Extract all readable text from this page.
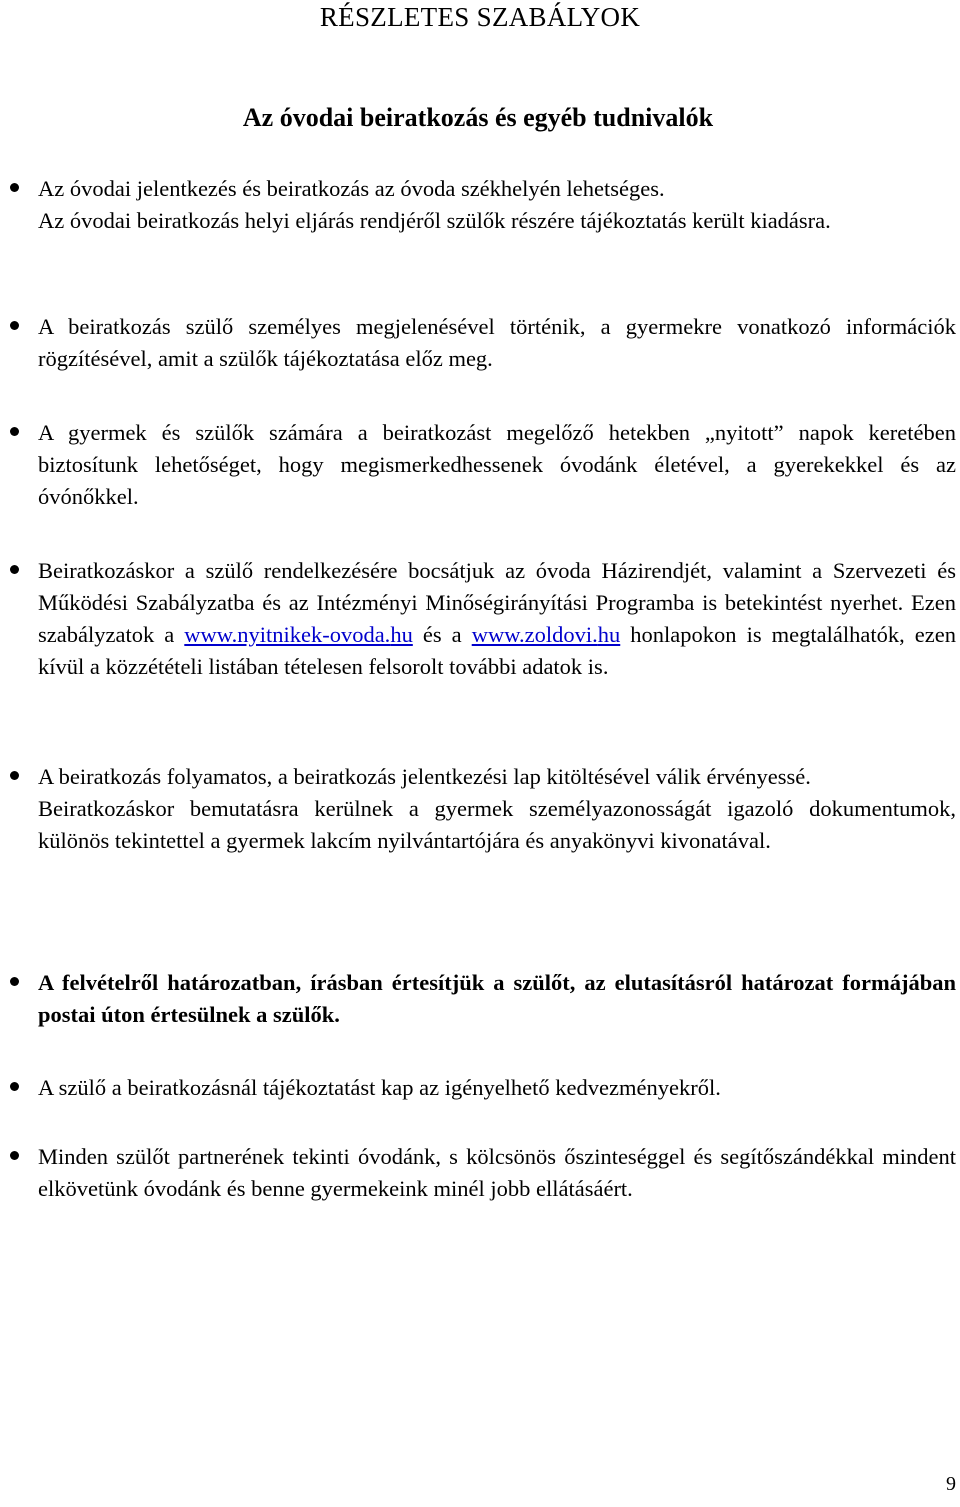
RÉSZLETES SZABÁLYOK
Az óvodai beiratkozás és egyéb tudnivalók

Az óvodai jelentkezés és beiratkozás az óvoda székhelyén lehetséges.

Az óvodai beiratkozás helyi eljárás rendjéről szülők részére tájékoztatás került kiadásra.

A beiratkozás szülő személyes megjelenésével történik, a gyermekre vonatkozó információk rögzítésével, amit a szülők tájékoztatása előz meg.

A gyermek és szülők számára a beiratkozást megelőző hetekben „nyitott” napok keretében biztosítunk lehetőséget, hogy megismerkedhessenek óvodánk életével, a gyerekekkel és az óvónőkkel.

Beiratkozáskor a szülő rendelkezésére bocsátjuk az óvoda Házirendjét, valamint a Szervezeti és Működési Szabályzatba és az Intézményi Minőségirányítási Programba is betekintést nyerhet. Ezen szabályzatok a www.nyitnikek-ovoda.hu és a www.zoldovi.hu honlapokon is megtalálhatók, ezen kívül a közzétételi listában tételesen felsorolt további adatok is.

A beiratkozás folyamatos, a beiratkozás jelentkezési lap kitöltésével válik érvényessé.

Beiratkozáskor bemutatásra kerülnek a gyermek személyazonosságát igazoló dokumentumok, különös tekintettel a gyermek lakcím nyilvántartójára és anyakönyvi kivonatával.

A felvételről határozatban, írásban értesítjük a szülőt, az elutasításról határozat formájában postai úton értesülnek a szülők.

A szülő a beiratkozásnál tájékoztatást kap az igényelhető kedvezményekről.

Minden szülőt partnerének tekinti óvodánk, s kölcsönös őszinteséggel és segítőszándékkal mindent elkövetünk óvodánk és benne gyermekeink minél jobb ellátásáért.

9
